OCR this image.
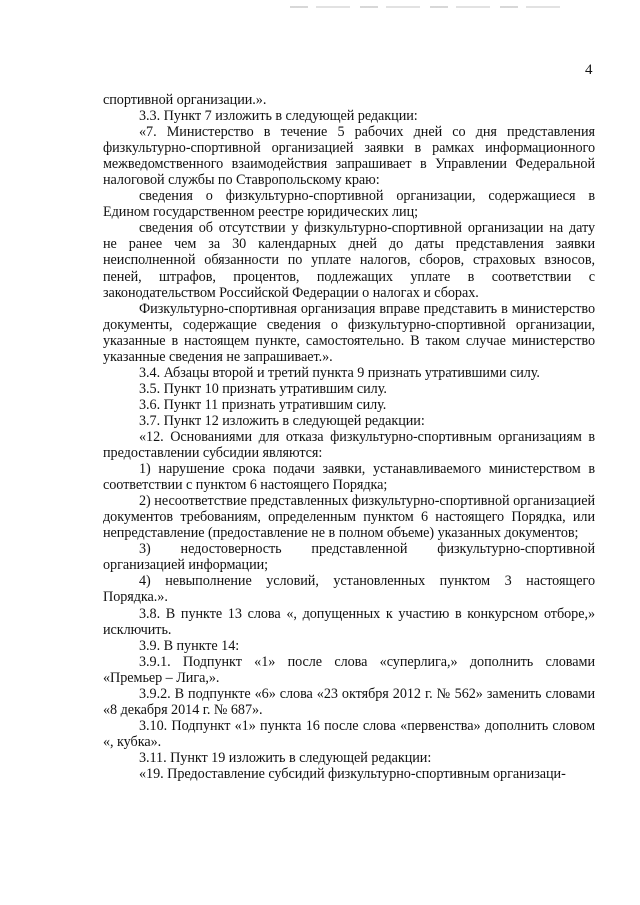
4

спортивной организации.».

3.3. Пункт 7 изложить в следующей редакции:

«7. Министерство в течение 5 рабочих дней со дня представления физкультурно-спортивной организацией заявки в рамках информационного межведомственного взаимодействия запрашивает в Управлении Федеральной налоговой службы по Ставропольскому краю:

сведения о физкультурно-спортивной организации, содержащиеся в Едином государственном реестре юридических лиц;

сведения об отсутствии у физкультурно-спортивной организации на дату не ранее чем за 30 календарных дней до даты представления заявки неисполненной обязанности по уплате налогов, сборов, страховых взносов, пеней, штрафов, процентов, подлежащих уплате в соответствии с законодательством Российской Федерации о налогах и сборах.

Физкультурно-спортивная организация вправе представить в министерство документы, содержащие сведения о физкультурно-спортивной организации, указанные в настоящем пункте, самостоятельно. В таком случае министерство указанные сведения не запрашивает.».

3.4. Абзацы второй и третий пункта 9 признать утратившими силу.

3.5. Пункт 10 признать утратившим силу.

3.6. Пункт 11 признать утратившим силу.

3.7. Пункт 12 изложить в следующей редакции:

«12. Основаниями для отказа физкультурно-спортивным организациям в предоставлении субсидии являются:

1) нарушение срока подачи заявки, устанавливаемого министерством в соответствии с пунктом 6 настоящего Порядка;

2) несоответствие представленных физкультурно-спортивной организацией документов требованиям, определенным пунктом 6 настоящего Порядка, или непредставление (предоставление не в полном объеме) указанных документов;

3) недостоверность представленной физкультурно-спортивной организацией информации;

4) невыполнение условий, установленных пунктом 3 настоящего Порядка.».

3.8. В пункте 13 слова «, допущенных к участию в конкурсном отборе,» исключить.

3.9. В пункте 14:

3.9.1. Подпункт «1» после слова «суперлига,» дополнить словами «Премьер – Лига,».

3.9.2. В подпункте «6» слова «23 октября 2012 г. № 562» заменить словами «8 декабря 2014 г. № 687».

3.10. Подпункт «1» пункта 16 после слова «первенства» дополнить словом «, кубка».

3.11. Пункт 19 изложить в следующей редакции:

«19. Предоставление субсидий физкультурно-спортивным организаци-
